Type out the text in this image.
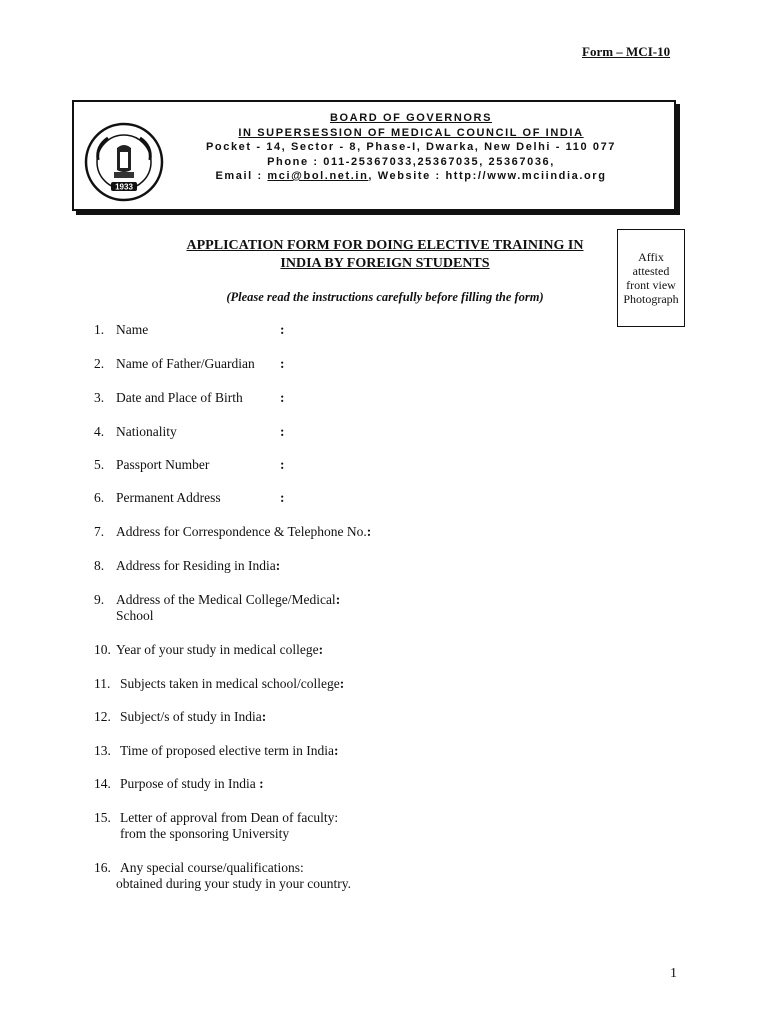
Form – MCI-10
1933
BOARD OF GOVERNORS
IN SUPERSESSION OF MEDICAL COUNCIL OF INDIA
Pocket - 14, Sector - 8, Phase-I, Dwarka, New Delhi - 110 077
Phone : 011-25367033,25367035, 25367036,
Email : mci@bol.net.in, Website : http://www.mciindia.org
APPLICATION FORM FOR DOING ELECTIVE TRAINING IN
INDIA BY FOREIGN STUDENTS
(Please read the instructions carefully before filling the form)
Affix
attested
front view
Photograph
1. Name	:
2. Name of Father/Guardian :
3. Date and Place of Birth	:
4. Nationality	:
5. Passport Number	:
6. Permanent Address	:
7. Address for Correspondence & Telephone No.:
8. Address for Residing in India:
9. Address of the Medical College/Medical:
School
10. Year of your study in medical college:
11. Subjects taken in medical school/college:
12. Subject/s of study in India:
13. Time of proposed elective term in India:
14. Purpose of study in India :
15. Letter of approval from Dean of faculty:
from the sponsoring University
16. Any special course/qualifications:
obtained during your study in your country.
1
